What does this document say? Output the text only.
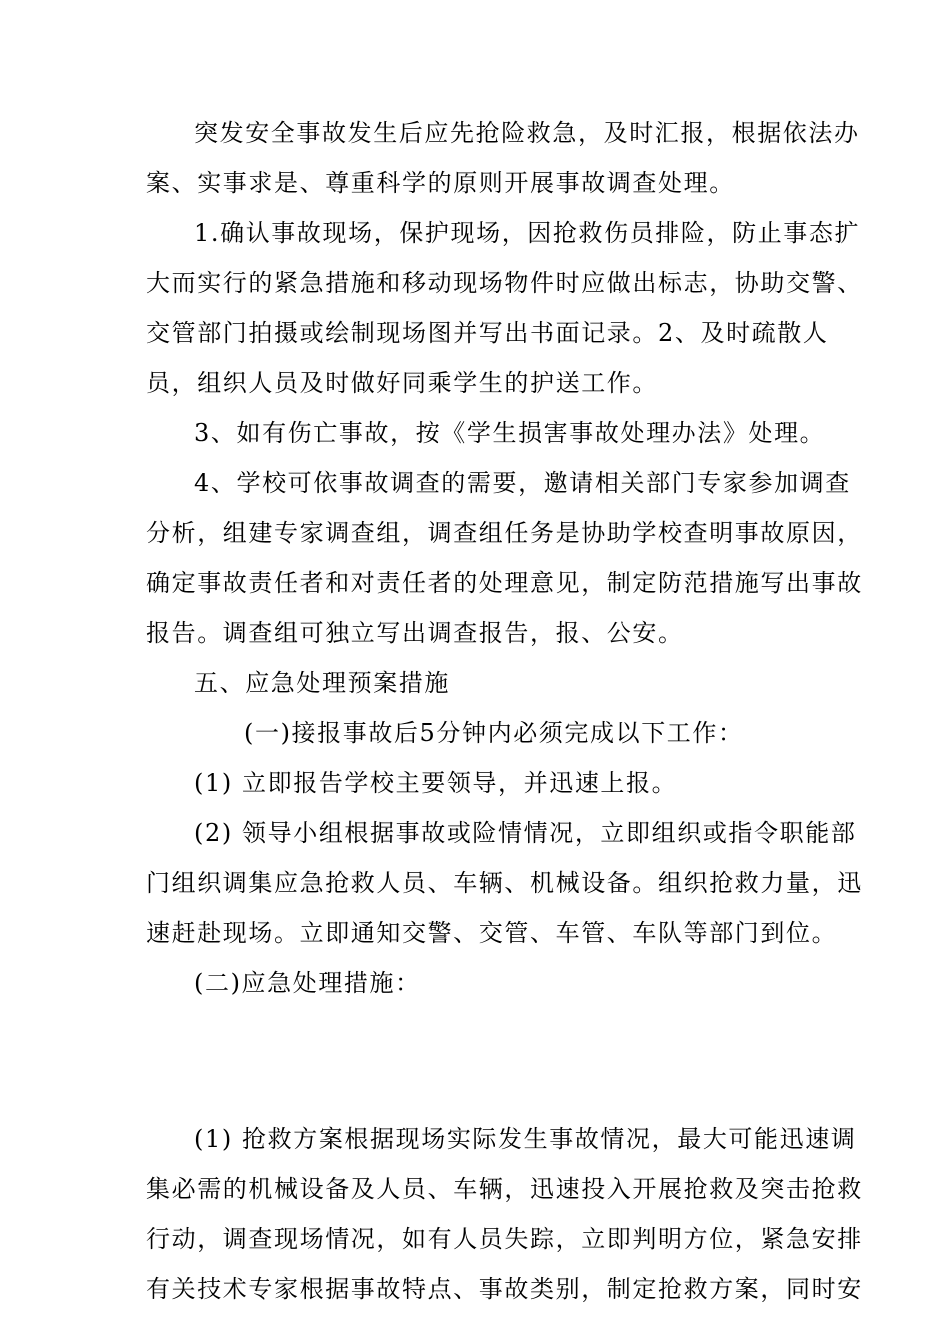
突发安全事故发生后应先抢险救急，及时汇报，根据依法办
案、实事求是、尊重科学的原则开展事故调查处理。
1.确认事故现场，保护现场，因抢救伤员排险，防止事态扩
大而实行的紧急措施和移动现场物件时应做出标志，协助交警、
交管部门拍摄或绘制现场图并写出书面记录。2、及时疏散人
员，组织人员及时做好同乘学生的护送工作。
3、如有伤亡事故，按《学生损害事故处理办法》处理。
4、学校可依事故调查的需要，邀请相关部门专家参加调查
分析，组建专家调查组，调查组任务是协助学校查明事故原因，
确定事故责任者和对责任者的处理意见，制定防范措施写出事故
报告。调查组可独立写出调查报告，报、公安。
五、应急处理预案措施
(一)接报事故后5分钟内必须完成以下工作：
(1) 立即报告学校主要领导，并迅速上报。
(2) 领导小组根据事故或险情情况，立即组织或指令职能部
门组织调集应急抢救人员、车辆、机械设备。组织抢救力量，迅
速赶赴现场。立即通知交警、交管、车管、车队等部门到位。
(二)应急处理措施：
(1) 抢救方案根据现场实际发生事故情况，最大可能迅速调
集必需的机械设备及人员、车辆，迅速投入开展抢救及突击抢救
行动，调查现场情况，如有人员失踪，立即判明方位，紧急安排
有关技术专家根据事故特点、事故类别，制定抢救方案，同时安
